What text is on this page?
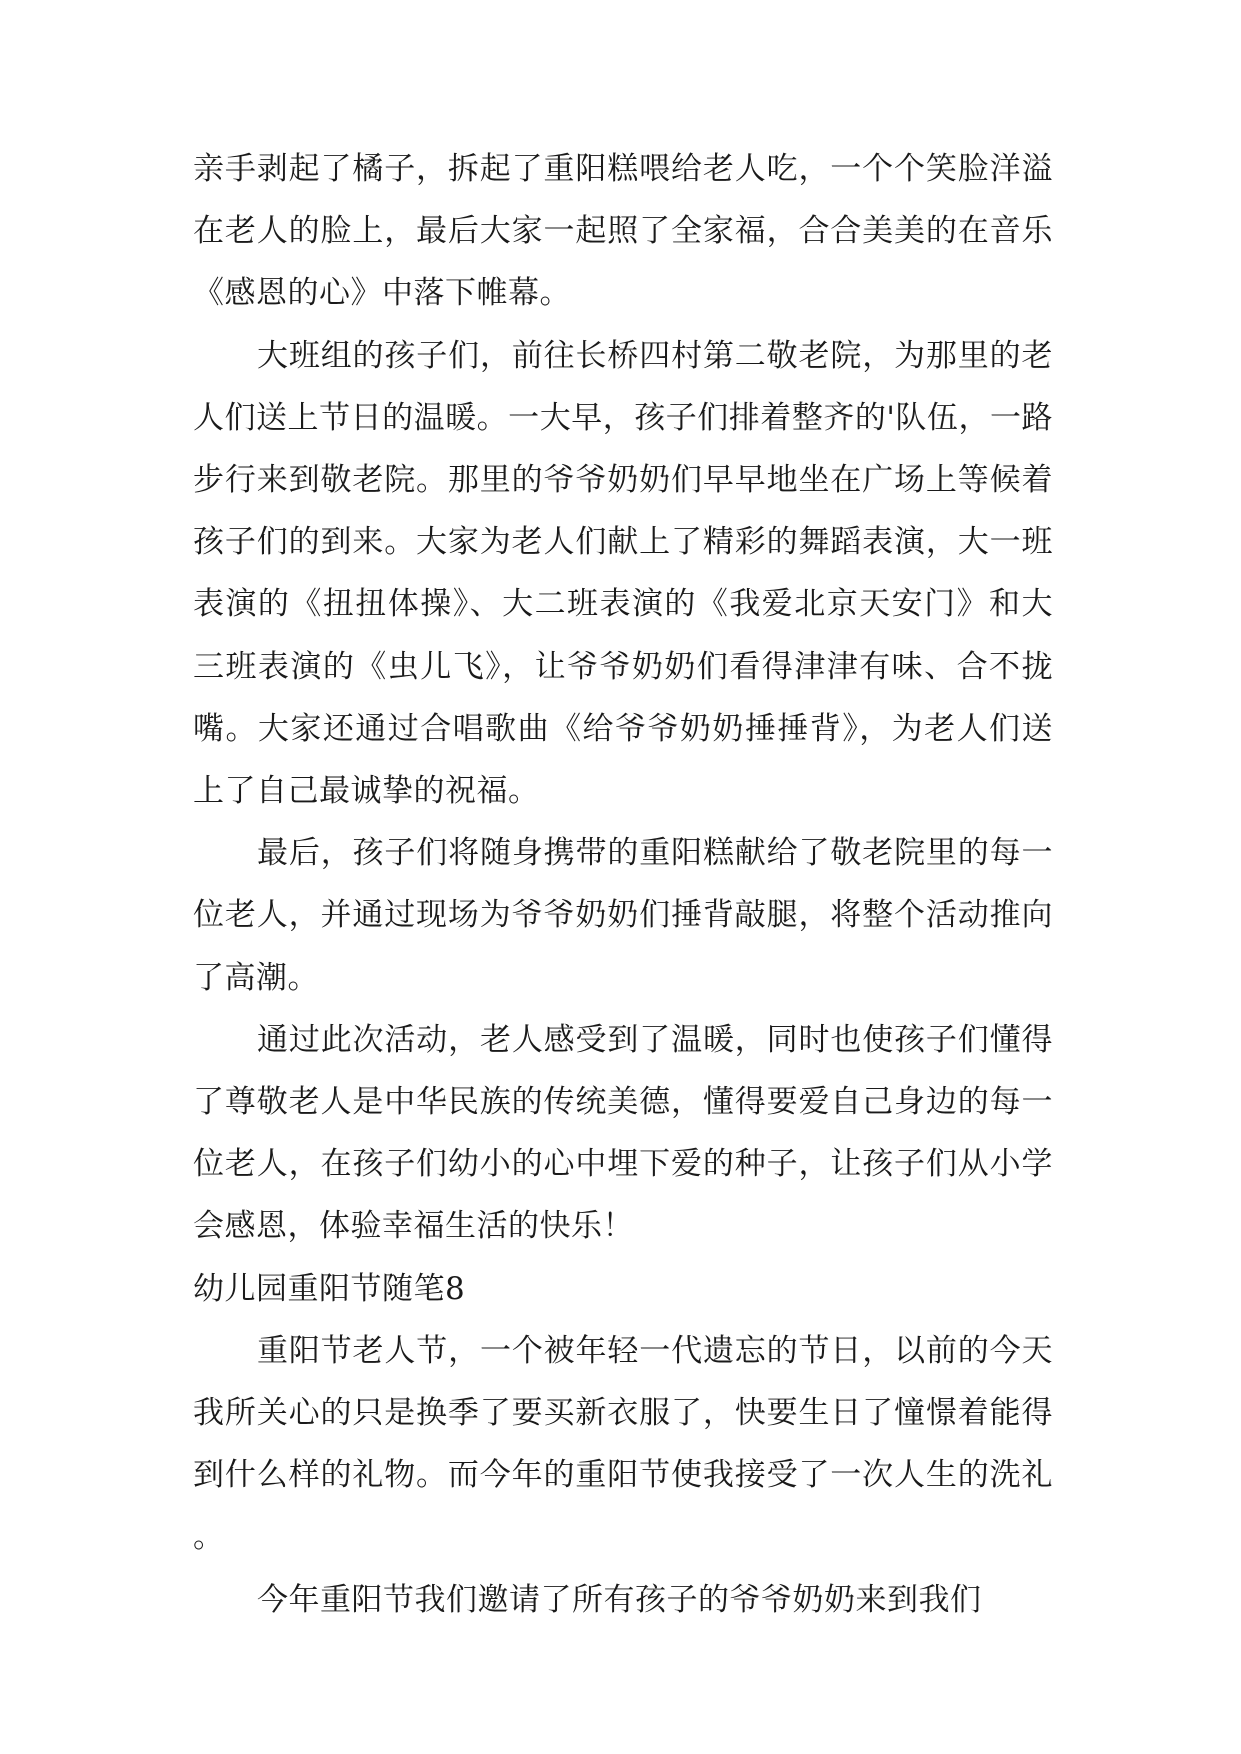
亲手剥起了橘子，拆起了重阳糕喂给老人吃，一个个笑脸洋溢在老人的脸上，最后大家一起照了全家福，合合美美的在音乐《感恩的心》中落下帷幕。

大班组的孩子们，前往长桥四村第二敬老院，为那里的老人们送上节日的温暖。一大早，孩子们排着整齐的'队伍，一路步行来到敬老院。那里的爷爷奶奶们早早地坐在广场上等候着孩子们的到来。大家为老人们献上了精彩的舞蹈表演，大一班表演的《扭扭体操》、大二班表演的《我爱北京天安门》和大三班表演的《虫儿飞》，让爷爷奶奶们看得津津有味、合不拢嘴。大家还通过合唱歌曲《给爷爷奶奶捶捶背》，为老人们送上了自己最诚挚的祝福。

最后，孩子们将随身携带的重阳糕献给了敬老院里的每一位老人，并通过现场为爷爷奶奶们捶背敲腿，将整个活动推向了高潮。

通过此次活动，老人感受到了温暖，同时也使孩子们懂得了尊敬老人是中华民族的传统美德，懂得要爱自己身边的每一位老人，在孩子们幼小的心中埋下爱的种子，让孩子们从小学会感恩，体验幸福生活的快乐！

幼儿园重阳节随笔8

重阳节老人节，一个被年轻一代遗忘的节日，以前的今天我所关心的只是换季了要买新衣服了，快要生日了憧憬着能得到什么样的礼物。而今年的重阳节使我接受了一次人生的洗礼。

今年重阳节我们邀请了所有孩子的爷爷奶奶来到我们
